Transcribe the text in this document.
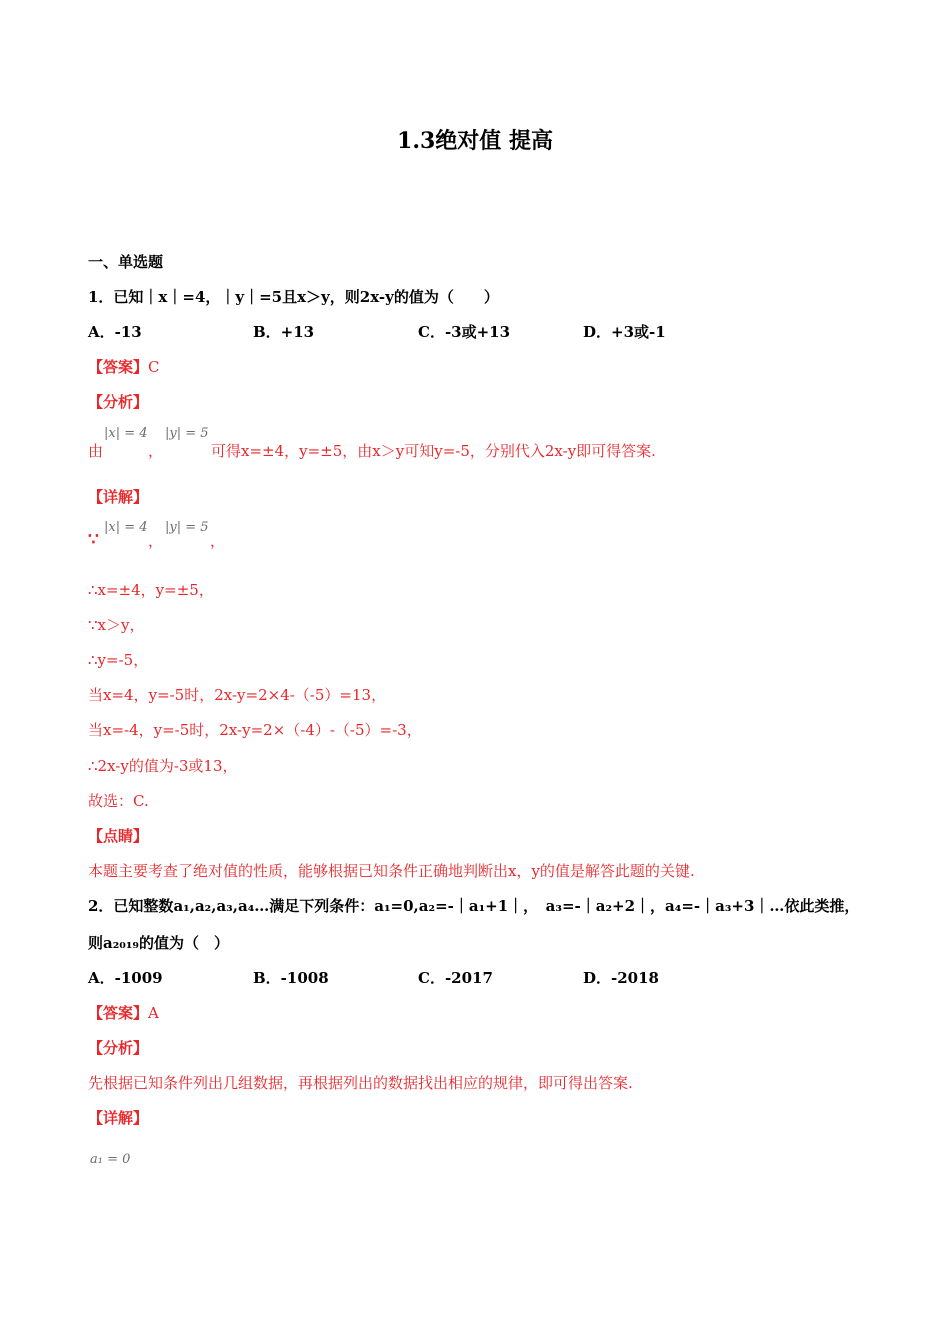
1.3绝对值 提高
一、单选题
1．已知｜x｜=4，｜y｜=5且x＞y，则2x-y的值为（　　）
A．-13	B．+13	C．-3或+13	D．+3或-1
【答案】C
【分析】
由
|x| = 4
，
|y| = 5
可得x=±4，y=±5，由x＞y可知y=-5，分别代入2x-y即可得答案.
【详解】
∵
|x| = 4
，
|y| = 5
，
∴x=±4，y=±5，
∵x＞y，
∴y=-5，
当x=4，y=-5时，2x-y=2×4-（-5）=13，
当x=-4，y=-5时，2x-y=2×（-4）-（-5）=-3，
∴2x-y的值为-3或13，
故选：C.
【点睛】
本题主要考查了绝对值的性质，能够根据已知条件正确地判断出x，y的值是解答此题的关键.
2．已知整数a₁,a₂,a₃,a₄…满足下列条件：a₁=0,a₂=-｜a₁+1｜，　a₃=-｜a₂+2｜，a₄=-｜a₃+3｜…依此类推，
则a₂₀₁₉的值为（　）
A．-1009	B．-1008	C．-2017	D．-2018
【答案】A
【分析】
先根据已知条件列出几组数据，再根据列出的数据找出相应的规律，即可得出答案.
【详解】
a₁ = 0
